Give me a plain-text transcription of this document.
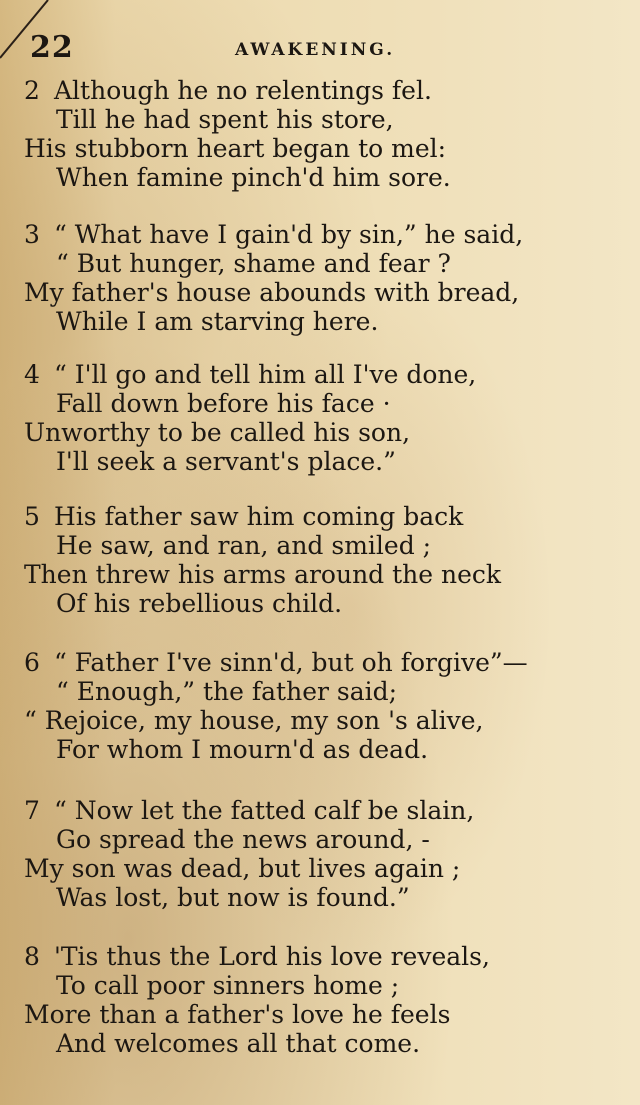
22	AWAKENING.
2 Although he no relentings fel.
Till he had spent his store,
His stubborn heart began to mel:
When famine pinch'd him sore.
3 “ What have I gain'd by sin,” he said,
“ But hunger, shame and fear ?
My father's house abounds with bread,
While I am starving here.
4 “ I'll go and tell him all I've done,
Fall down before his face ·
Unworthy to be called his son,
I'll seek a servant's place.”
5 His father saw him coming back
He saw, and ran, and smiled ;
Then threw his arms around the neck
Of his rebellious child.
6 “ Father I've sinn'd, but oh forgive”—
“ Enough,” the father said;
“ Rejoice, my house, my son 's alive,
For whom I mourn'd as dead.
7 “ Now let the fatted calf be slain,
Go spread the news around, -
My son was dead, but lives again ;
Was lost, but now is found.”
8 'Tis thus the Lord his love reveals,
To call poor sinners home ;
More than a father's love he feels
And welcomes all that come.
